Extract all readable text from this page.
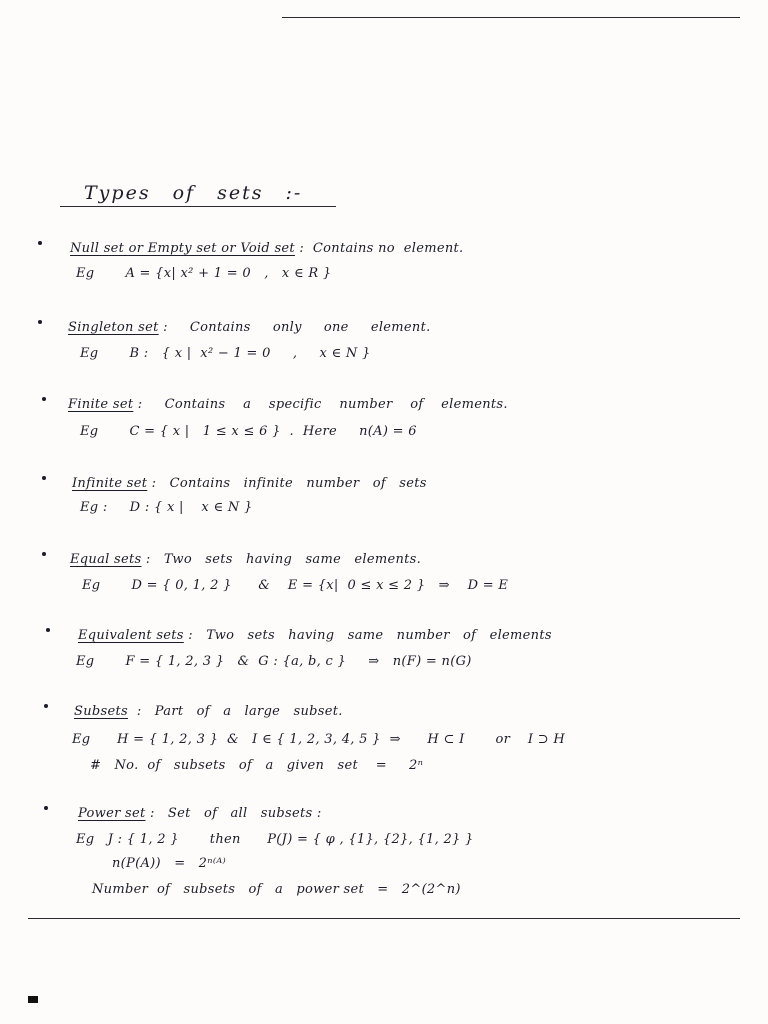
Types of sets :-
Null set or Empty set or Void set :  Contains no  element.
Eg       A = {x| x² + 1 = 0   ,   x ∈ R }
Singleton set :     Contains     only     one     element.
Eg       B :   { x |  x² − 1 = 0     ,     x ∈ N }
Finite set :     Contains    a    specific    number    of    elements.
Eg       C = { x |   1 ≤ x ≤ 6 }  .  Here     n(A) = 6
Infinite set :   Contains   infinite   number   of   sets
Eg :     D : { x |    x ∈ N }
Equal sets :   Two   sets   having   same   elements.
Eg       D = { 0, 1, 2 }      &    E = {x|  0 ≤ x ≤ 2 }   ⇒    D = E
Equivalent sets :   Two   sets   having   same   number   of   elements
Eg       F = { 1, 2, 3 }   &  G : {a, b, c }     ⇒   n(F) = n(G)
Subsets  :   Part   of   a   large   subset.
Eg      H = { 1, 2, 3 }  &   I ∈ { 1, 2, 3, 4, 5 }  ⇒      H ⊂ I       or    I ⊃ H
#   No.  of   subsets   of   a   given   set    =     2ⁿ
Power set :   Set   of   all   subsets :
Eg   J : { 1, 2 }       then      P(J) = { φ , {1}, {2}, {1, 2} }
n(P(A))   =   2ⁿ⁽ᴬ⁾
Number  of   subsets   of   a   power set   =   2^(2^n)
